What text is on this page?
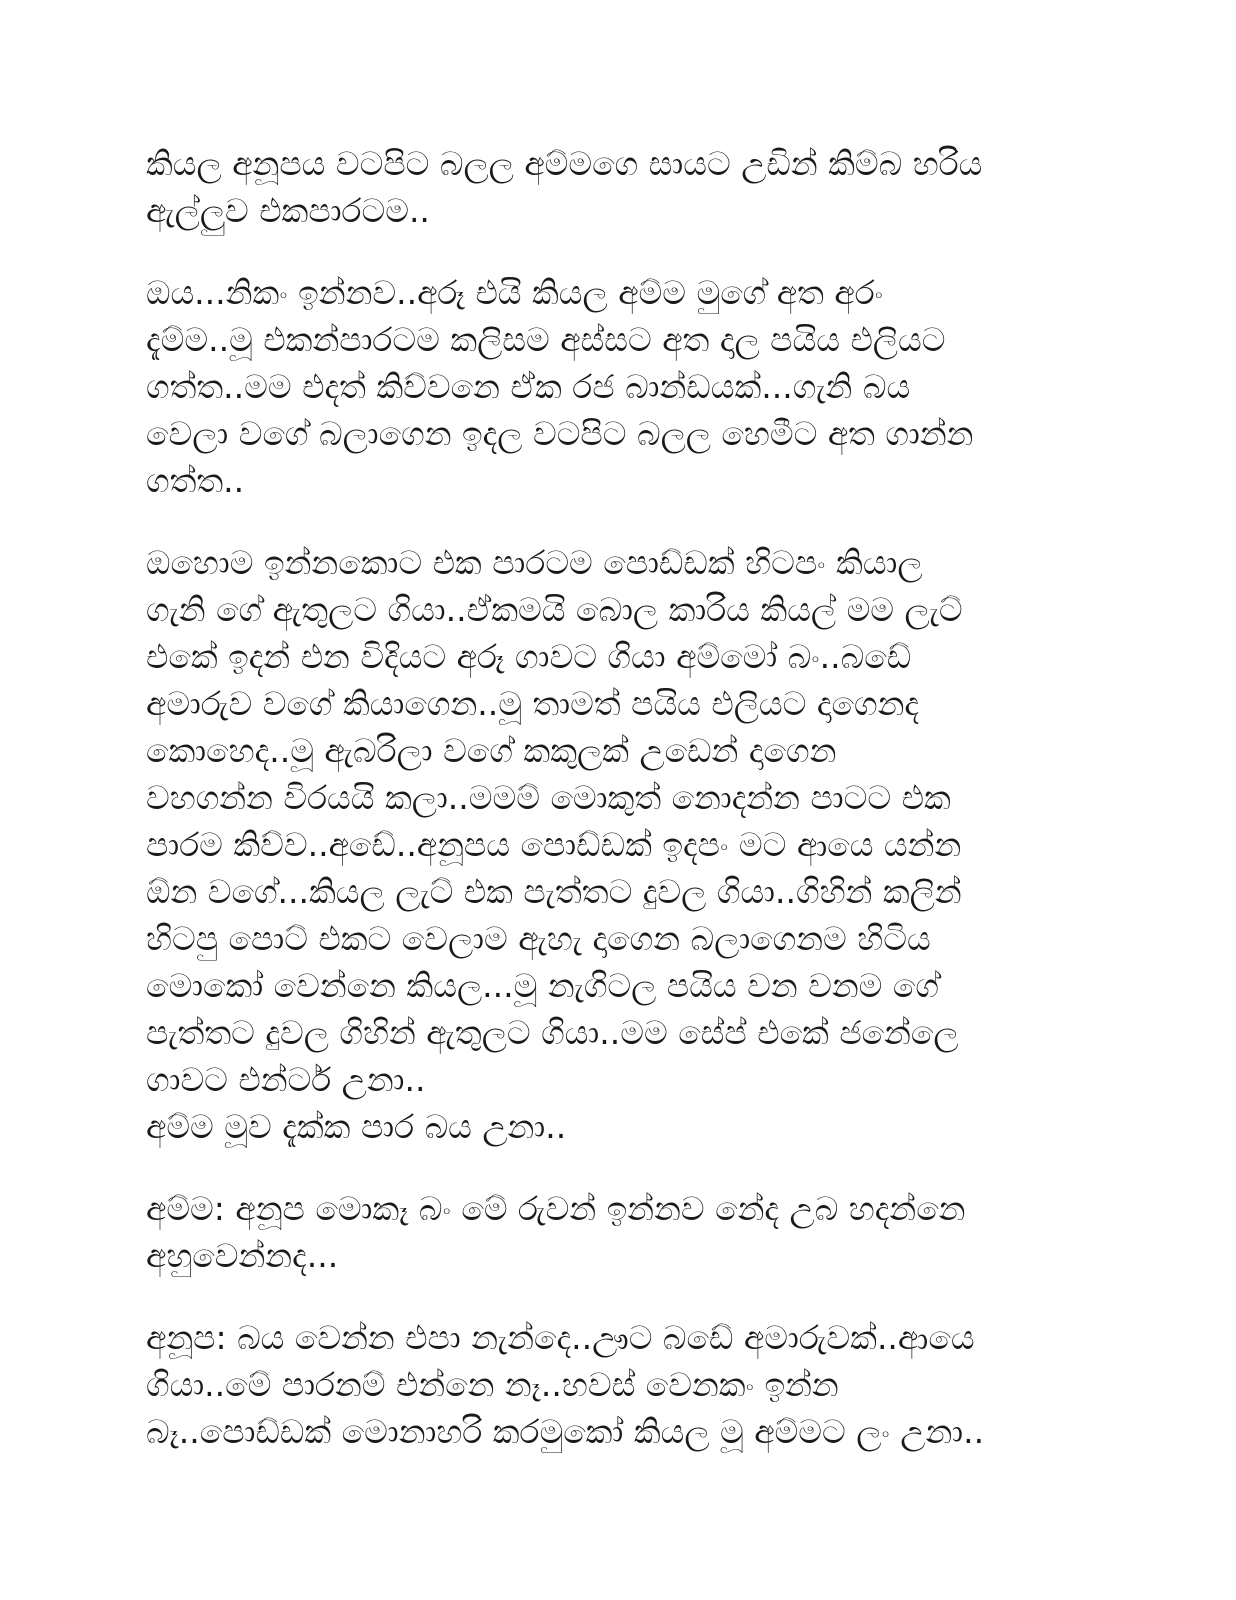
කියල අනූපය වටපිට බලල අම්මගෙ සායට උඩින් කිම්බ හරිය
ඇල්ලුව එකපාරටම..

ඔය...නිකං ඉන්නව..අරූ එයි කියල අම්ම මුගේ අත අරං
දැම්ම..මූ එකන්පාරටම කලිසම අස්සට අත දාල පයිය එලියට
ගත්ත..මම එදත් කිව්වනෙ ඒක රජ බාන්ඩයක්...ගැනි බය
වෙලා වගේ බලාගෙන ඉදල වටපිට බලල හෙමීට අත ගාන්න
ගත්ත..

ඔහොම ඉන්නකොට එක පාරටම පොඩ්ඩක් හිටපං කියාල
ගැනි ගේ ඇතුලට ගියා..ඒකමයි බොල කාරිය කියල් මම ලැට්
එකේ ඉදන් එන විදියට අරූ ගාවට ගියා අම්මෝ බං..බඩේ
අමාරුව වගේ කියාගෙන..මූ තාමත් පයිය එලියට දාගෙනද
කොහෙද..මූ ඇබරිලා වගේ කකුලක් උඩෙන් දාගෙන
වහගන්න විරයයි කලා..මමම් මොකුත් නොදන්න පාටට එක
පාරම කිව්ව..අඩේ..අනූපය පොඩ්ඩක් ඉදපං මට ආයෙ යන්න
ඕන වගේ...කියල ලැට් එක පැත්තට දුවල ගියා..ගිහින් කලින්
හිටපු පොට් එකට වෙලාම ඇහැ දාගෙන බලාගෙනම හිටිය
මොකෝ වෙන්නෙ කියල...මූ නැගිටල පයිය වන වනම ගේ
පැත්තට දුවල ගිහින් ඇතුලට ගියා..මම සේප් එකේ ජනේලෙ
ගාවට එන්ටර් උනා..
අම්ම මූව දැක්ක පාර බය උනා..

අම්ම: අනූප මොකෑ බං මේ රුවන් ඉන්නව නේද උබ හදන්නෙ
අහුවෙන්නද...

අනූප: බය වෙන්න එපා නැන්දෙ..ඌට බඩේ අමාරුවක්..ආයෙ
ගියා..මේ පාරනම් එන්නෙ නෑ..හවස් වෙනකං ඉන්න
බෑ..පොඩ්ඩක් මොනාහරි කරමුකෝ කියල මූ අම්මට ලං උනා..
